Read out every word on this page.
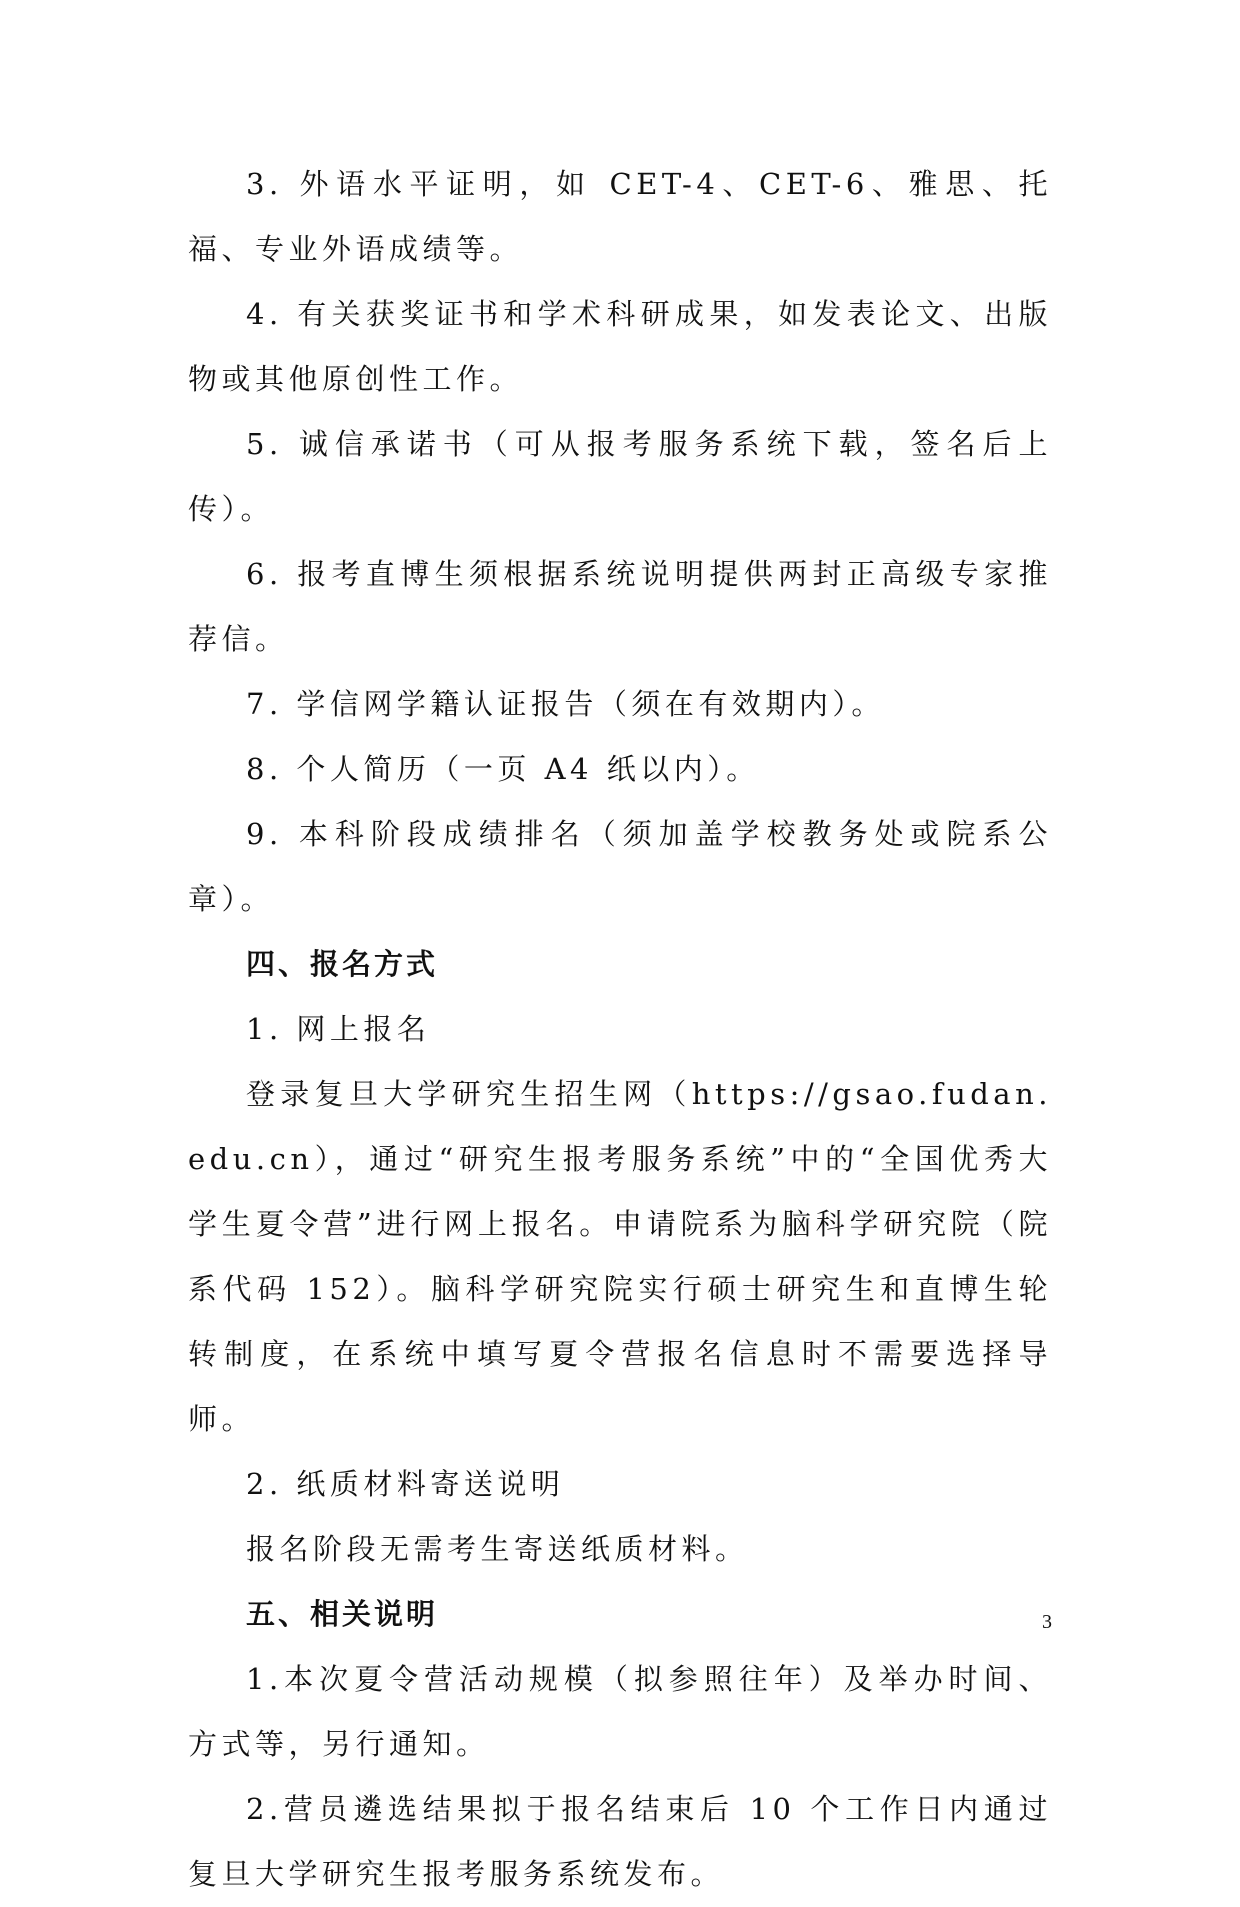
3. 外语水平证明，如 CET-4、CET-6、雅思、托福、专业外语成绩等。

4. 有关获奖证书和学术科研成果，如发表论文、出版物或其他原创性工作。

5. 诚信承诺书（可从报考服务系统下载，签名后上传）。

6. 报考直博生须根据系统说明提供两封正高级专家推荐信。

7. 学信网学籍认证报告（须在有效期内）。

8. 个人简历（一页 A4 纸以内）。

9. 本科阶段成绩排名（须加盖学校教务处或院系公章）。

四、报名方式

1. 网上报名

登录复旦大学研究生招生网（https://gsao.fudan.edu.cn），通过“研究生报考服务系统”中的“全国优秀大学生夏令营”进行网上报名。申请院系为脑科学研究院（院系代码 152）。脑科学研究院实行硕士研究生和直博生轮转制度，在系统中填写夏令营报名信息时不需要选择导师。

2. 纸质材料寄送说明

报名阶段无需考生寄送纸质材料。

五、相关说明

1.本次夏令营活动规模（拟参照往年）及举办时间、方式等，另行通知。

2.营员遴选结果拟于报名结束后 10 个工作日内通过复旦大学研究生报考服务系统发布。

3
